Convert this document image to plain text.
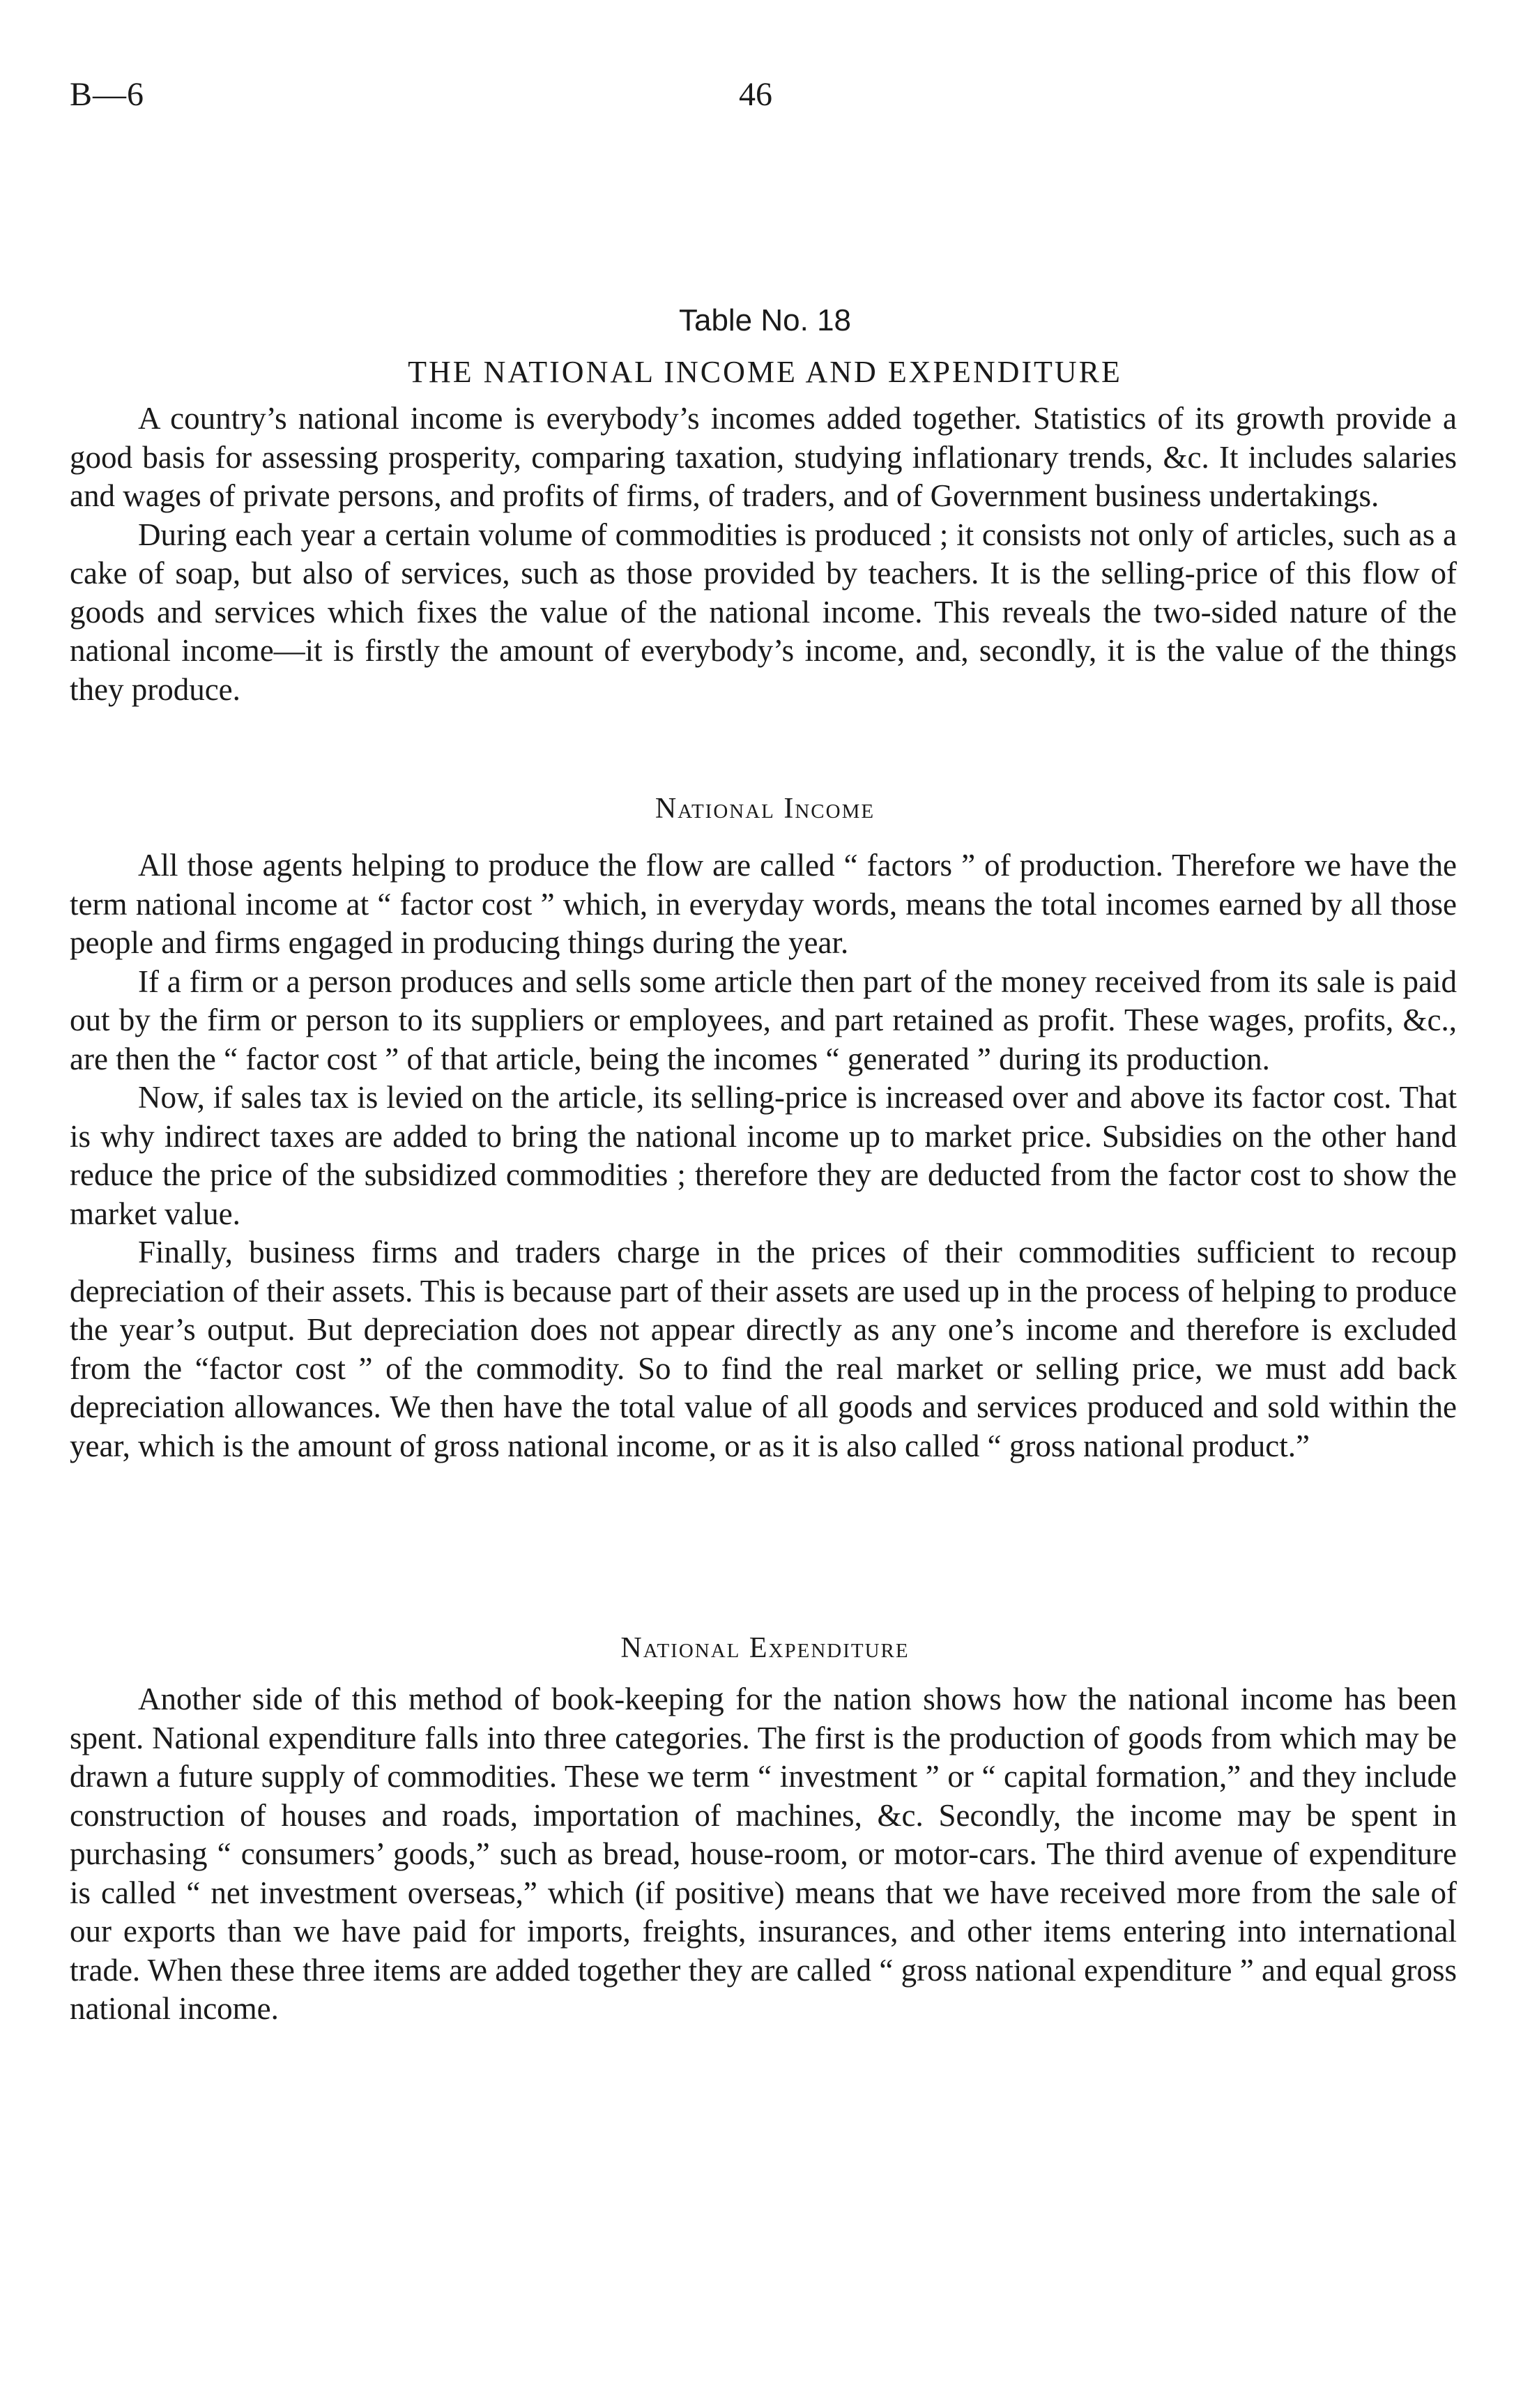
B—6	46
Table No. 18
THE NATIONAL INCOME AND EXPENDITURE

A country’s national income is everybody’s incomes added together. Statistics of its growth provide a good basis for assessing prosperity, comparing taxation, studying inflationary trends, &c. It includes salaries and wages of private persons, and profits of firms, of traders, and of Government business undertakings.

During each year a certain volume of commodities is produced ; it consists not only of articles, such as a cake of soap, but also of services, such as those provided by teachers. It is the selling-price of this flow of goods and services which fixes the value of the national income. This reveals the two-sided nature of the national income—it is firstly the amount of everybody’s income, and, secondly, it is the value of the things they produce.

National Income

All those agents helping to produce the flow are called “ factors ” of production. Therefore we have the term national income at “ factor cost ” which, in everyday words, means the total incomes earned by all those people and firms engaged in producing things during the year.

If a firm or a person produces and sells some article then part of the money received from its sale is paid out by the firm or person to its suppliers or employees, and part retained as profit. These wages, profits, &c., are then the “ factor cost ” of that article, being the incomes “ generated ” during its production.

Now, if sales tax is levied on the article, its selling-price is increased over and above its factor cost. That is why indirect taxes are added to bring the national income up to market price. Subsidies on the other hand reduce the price of the subsidized commodities ; therefore they are deducted from the factor cost to show the market value.

Finally, business firms and traders charge in the prices of their commodities sufficient to recoup depreciation of their assets. This is because part of their assets are used up in the process of helping to produce the year’s output. But depreciation does not appear directly as any one’s income and therefore is excluded from the “factor cost ” of the commodity. So to find the real market or selling price, we must add back depreciation allowances. We then have the total value of all goods and services produced and sold within the year, which is the amount of gross national income, or as it is also called “ gross national product.”

National Expenditure

Another side of this method of book-keeping for the nation shows how the national income has been spent. National expenditure falls into three categories. The first is the production of goods from which may be drawn a future supply of commodities. These we term “ investment ” or “ capital formation,” and they include construction of houses and roads, importation of machines, &c. Secondly, the income may be spent in purchasing “ consumers’ goods,” such as bread, house-room, or motor-cars. The third avenue of expenditure is called “ net investment overseas,” which (if positive) means that we have received more from the sale of our exports than we have paid for imports, freights, insurances, and other items entering into international trade. When these three items are added together they are called “ gross national expenditure ” and equal gross national income.
